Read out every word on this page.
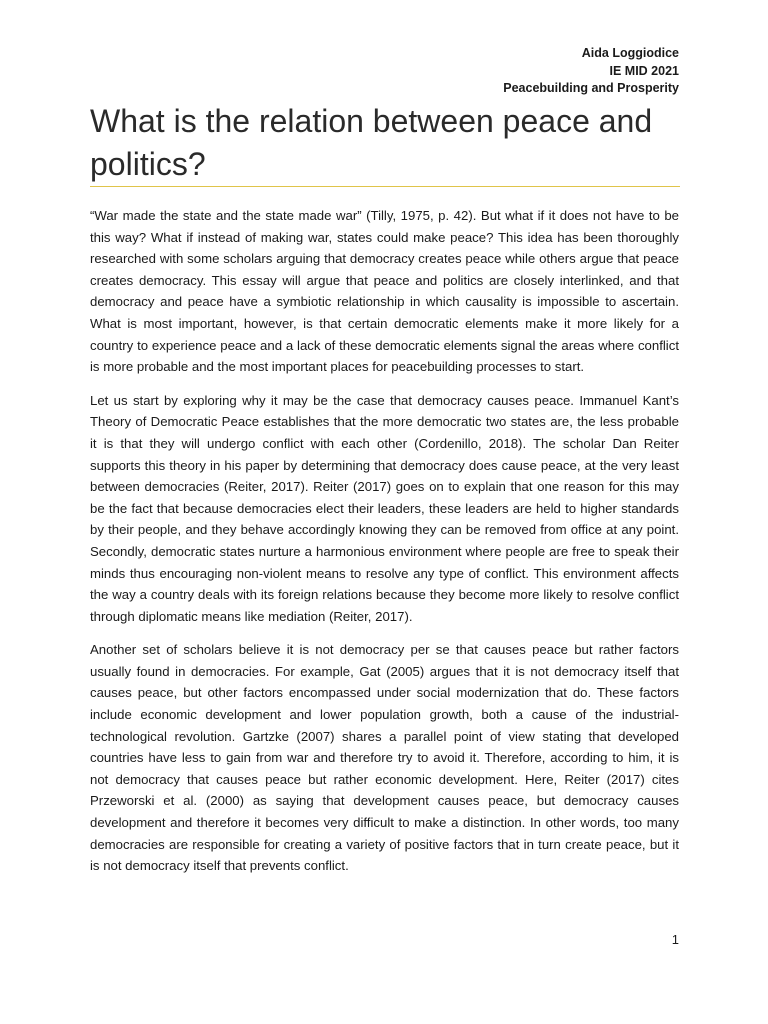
Aida Loggiodice
IE MID 2021
Peacebuilding and Prosperity
What is the relation between peace and politics?

“War made the state and the state made war” (Tilly, 1975, p. 42). But what if it does not have to be this way? What if instead of making war, states could make peace? This idea has been thoroughly researched with some scholars arguing that democracy creates peace while others argue that peace creates democracy. This essay will argue that peace and politics are closely interlinked, and that democracy and peace have a symbiotic relationship in which causality is impossible to ascertain. What is most important, however, is that certain democratic elements make it more likely for a country to experience peace and a lack of these democratic elements signal the areas where conflict is more probable and the most important places for peacebuilding processes to start.

Let us start by exploring why it may be the case that democracy causes peace. Immanuel Kant’s Theory of Democratic Peace establishes that the more democratic two states are, the less probable it is that they will undergo conflict with each other (Cordenillo, 2018). The scholar Dan Reiter supports this theory in his paper by determining that democracy does cause peace, at the very least between democracies (Reiter, 2017). Reiter (2017) goes on to explain that one reason for this may be the fact that because democracies elect their leaders, these leaders are held to higher standards by their people, and they behave accordingly knowing they can be removed from office at any point. Secondly, democratic states nurture a harmonious environment where people are free to speak their minds thus encouraging non-violent means to resolve any type of conflict. This environment affects the way a country deals with its foreign relations because they become more likely to resolve conflict through diplomatic means like mediation (Reiter, 2017).

Another set of scholars believe it is not democracy per se that causes peace but rather factors usually found in democracies. For example, Gat (2005) argues that it is not democracy itself that causes peace, but other factors encompassed under social modernization that do. These factors include economic development and lower population growth, both a cause of the industrial-technological revolution. Gartzke (2007) shares a parallel point of view stating that developed countries have less to gain from war and therefore try to avoid it. Therefore, according to him, it is not democracy that causes peace but rather economic development. Here, Reiter (2017) cites Przeworski et al. (2000) as saying that development causes peace, but democracy causes development and therefore it becomes very difficult to make a distinction. In other words, too many democracies are responsible for creating a variety of positive factors that in turn create peace, but it is not democracy itself that prevents conflict.

1
